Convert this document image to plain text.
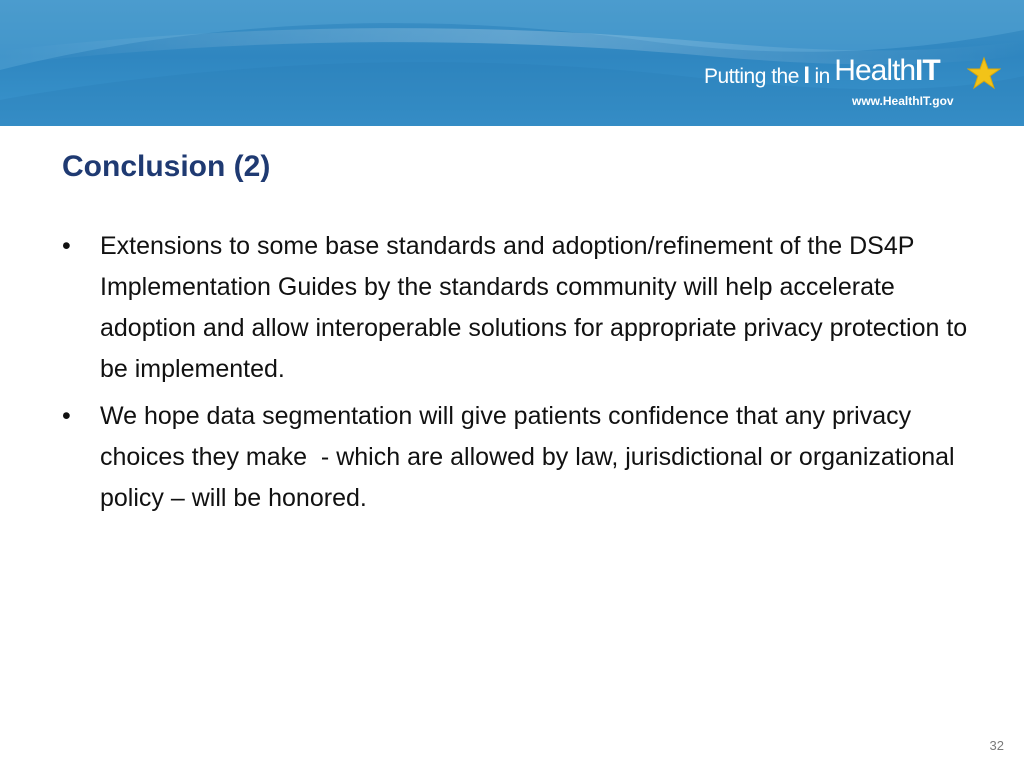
Putting the I in HealthIT
www.HealthIT.gov
Conclusion (2)
• Extensions to some base standards and adoption/refinement of the DS4P Implementation Guides by the standards community will help accelerate adoption and allow interoperable solutions for appropriate privacy protection to be implemented.
• We hope data segmentation will give patients confidence that any privacy choices they make  - which are allowed by law, jurisdictional or organizational policy – will be honored.
32
